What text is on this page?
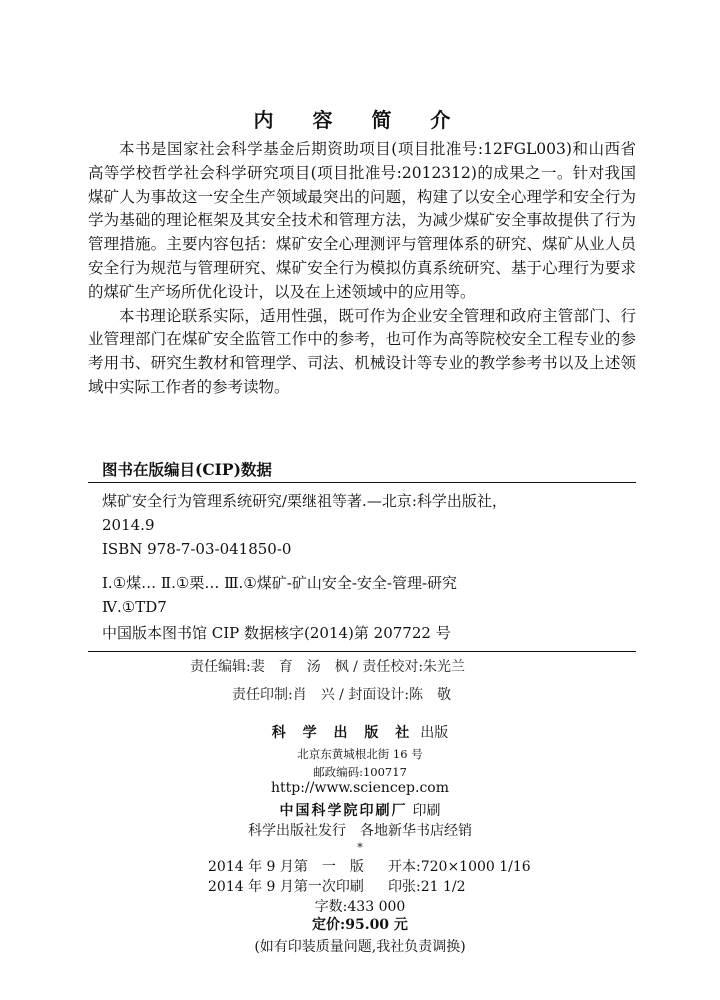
内 容 简 介

本书是国家社会科学基金后期资助项目(项目批准号:12FGL003)和山西省高等学校哲学社会科学研究项目(项目批准号:2012312)的成果之一。针对我国煤矿人为事故这一安全生产领域最突出的问题，构建了以安全心理学和安全行为学为基础的理论框架及其安全技术和管理方法，为减少煤矿安全事故提供了行为管理措施。主要内容包括：煤矿安全心理测评与管理体系的研究、煤矿从业人员安全行为规范与管理研究、煤矿安全行为模拟仿真系统研究、基于心理行为要求的煤矿生产场所优化设计，以及在上述领域中的应用等。

本书理论联系实际，适用性强，既可作为企业安全管理和政府主管部门、行业管理部门在煤矿安全监管工作中的参考，也可作为高等院校安全工程专业的参考用书、研究生教材和管理学、司法、机械设计等专业的教学参考书以及上述领域中实际工作者的参考读物。

图书在版编目(CIP)数据
煤矿安全行为管理系统研究/栗继祖等著.—北京:科学出版社，
2014.9
ISBN 978-7-03-041850-0
Ⅰ.①煤… Ⅱ.①栗… Ⅲ.①煤矿-矿山安全-安全-管理-研究
Ⅳ.①TD7
中国版本图书馆 CIP 数据核字(2014)第 207722 号
责任编辑:裴　育　汤　枫 / 责任校对:朱光兰
责任印制:肖　兴 / 封面设计:陈　敬
科 学 出 版 社 出版
北京东黄城根北街 16 号
邮政编码:100717
http://www.sciencep.com
中国科学院印刷厂 印刷
科学出版社发行　各地新华书店经销
*
2014 年 9 月第　一　版 开本:720×1000 1/16
2014 年 9 月第一次印刷 印张:21 1/2
字数:433 000
定价:95.00 元
(如有印装质量问题,我社负责调换)
